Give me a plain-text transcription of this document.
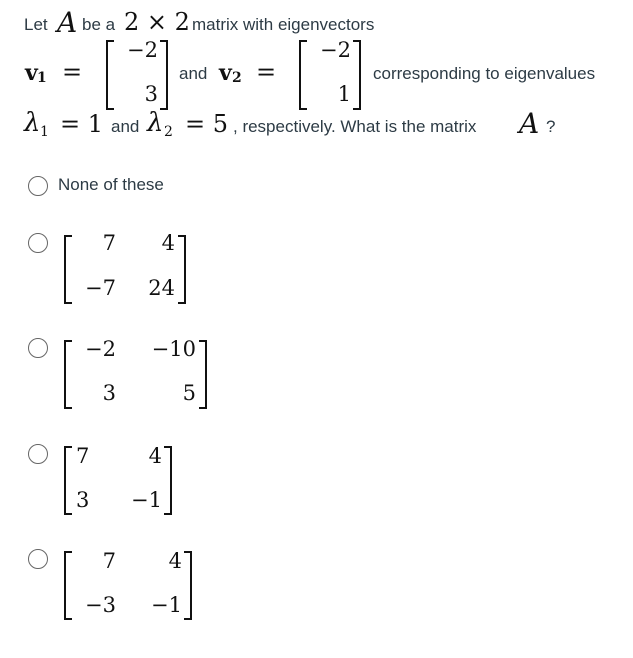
Let A be a 2 × 2 matrix with eigenvectors
v 1 =
−2
3
and v 2 =
−2
1
corresponding to eigenvalues
λ 1 = 1 and λ 2 = 5 , respectively. What is the matrix A ?
None of these
7	4
−7	24
−2	−10
3	5
7	4
3	−1
7	4
−3	−1
